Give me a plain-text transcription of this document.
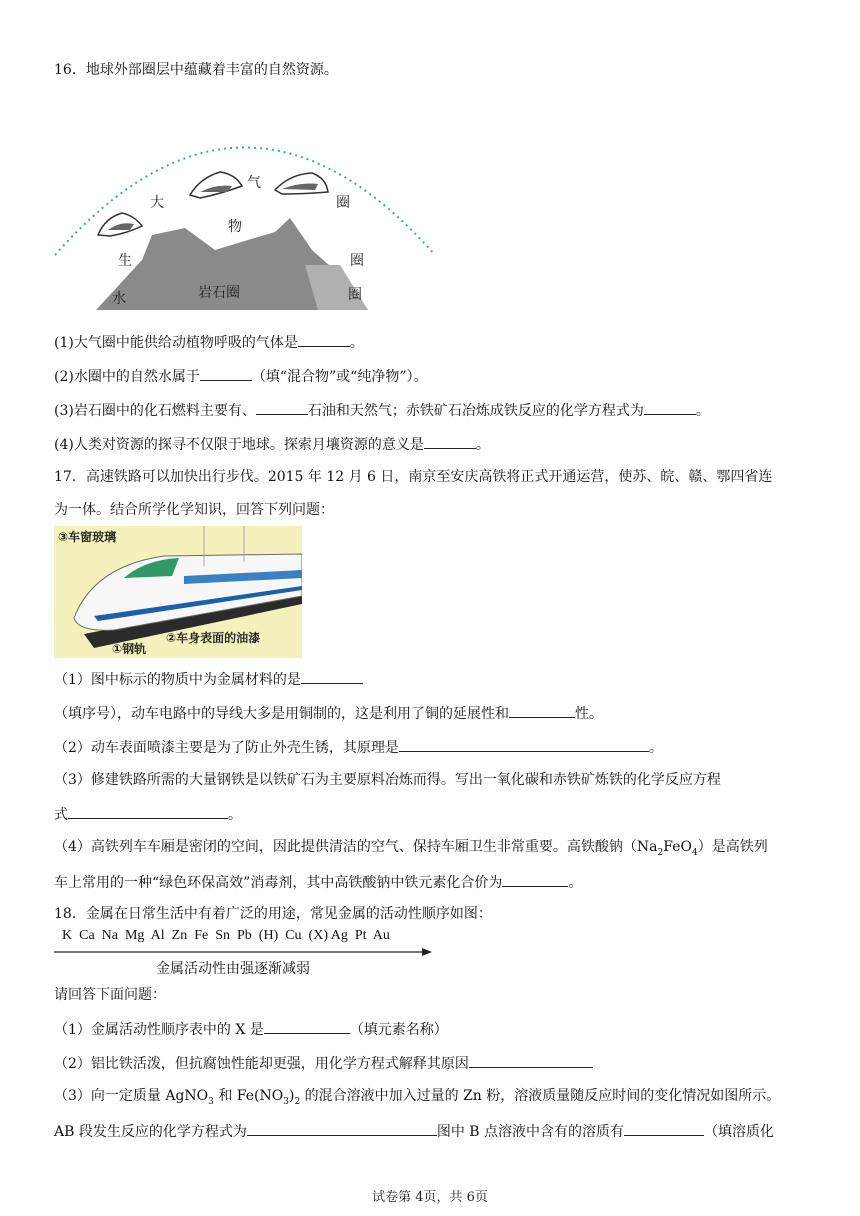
16．地球外部圈层中蕴藏着丰富的自然资源。
大
气
圈
物
生	圈
水	圈
岩石圈
(1)大气圈中能供给动植物呼吸的气体是	。
(2)水圈中的自然水属于	（填“混合物”或“纯净物”）。
(3)岩石圈中的化石燃料主要有、	石油和天然气；赤铁矿石冶炼成铁反应的化学方程式为	。
(4)人类对资源的探寻不仅限于地球。探索月壤资源的意义是	。
17．高速铁路可以加快出行步伐。2015 年 12 月 6 日，南京至安庆高铁将正式开通运营，使苏、皖、赣、鄂四省连
为一体。结合所学化学知识，回答下列问题：
③车窗玻璃
②车身表面的油漆
①钢轨
（1）图中标示的物质中为金属材料的是
（填序号），动车电路中的导线大多是用铜制的，这是利用了铜的延展性和	性。
（2）动车表面喷漆主要是为了防止外壳生锈，其原理是	。
（3）修建铁路所需的大量钢铁是以铁矿石为主要原料冶炼而得。写出一氧化碳和赤铁矿炼铁的化学反应方程
式	。
（4）高铁列车车厢是密闭的空间，因此提供清洁的空气、保持车厢卫生非常重要。高铁酸钠$(Na_2FeO_4)$是高铁列
车上常用的一种“绿色环保高效”消毒剂，其中高铁酸钠中铁元素化合价为	。
18．金属在日常生活中有着广泛的用途，常见金属的活动性顺序如图：
K  Ca  Na  Mg  Al  Zn  Fe  Sn  Pb  (H)  Cu  (X) Ag  Pt  Au
金属活动性由强逐渐减弱
请回答下面问题：
（1）金属活动性顺序表中的 X 是	（填元素名称）
（2）铝比铁活泼，但抗腐蚀性能却更强，用化学方程式解释其原因
（3）向一定质量 AgNO$_3$ 和 $Fe(NO_3)_2$ 的混合溶液中加入过量的 Zn 粉，溶液质量随反应时间的变化情况如图所示。
AB 段发生反应的化学方程式为	图中 B 点溶液中含有的溶质有	（填溶质化
试卷第 4页，共 6页
